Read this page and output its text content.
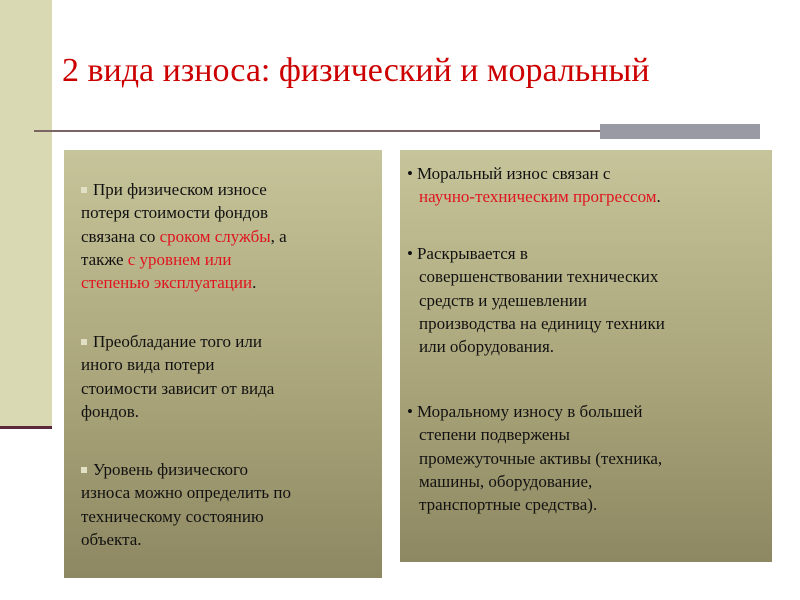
2 вида износа: физический и моральный
При физическом износе
потеря стоимости фондов
связана со сроком службы, а
также с уровнем или
степенью эксплуатации.
Преобладание того или
иного вида потери
стоимости зависит от вида
фондов.
Уровень физического
износа можно определить по
техническому состоянию
объекта.
• Моральный износ связан с
научно-техническим прогрессом.
• Раскрывается в
совершенствовании технических
средств и удешевлении
производства на единицу техники
или оборудования.
• Моральному износу в большей
степени подвержены
промежуточные активы (техника,
машины, оборудование,
транспортные средства).
